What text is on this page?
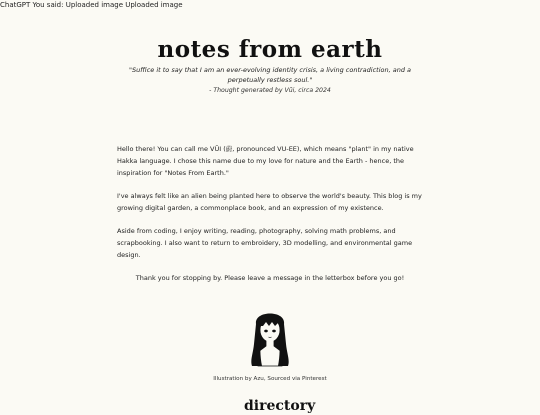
ChatGPT You said: Uploaded image Uploaded image
notes from earth
"Suffice it to say that I am an ever-evolving identity crisis, a living contradiction, and a perpetually restless soul."
- Thought generated by Vũi, circa 2024

Hello there! You can call me VŨI (蔚, pronounced VU-EE), which means "plant" in my native Hakka language. I chose this name due to my love for nature and the Earth - hence, the inspiration for "Notes From Earth."

I've always felt like an alien being planted here to observe the world's beauty. This blog is my growing digital garden, a commonplace book, and an expression of my existence.

Aside from coding, I enjoy writing, reading, photography, solving math problems, and scrapbooking. I also want to return to embroidery, 3D modelling, and environmental game design.

Thank you for stopping by. Please leave a message in the letterbox before you go!

Illustration by Azu, Sourced via Pinterest
directory
